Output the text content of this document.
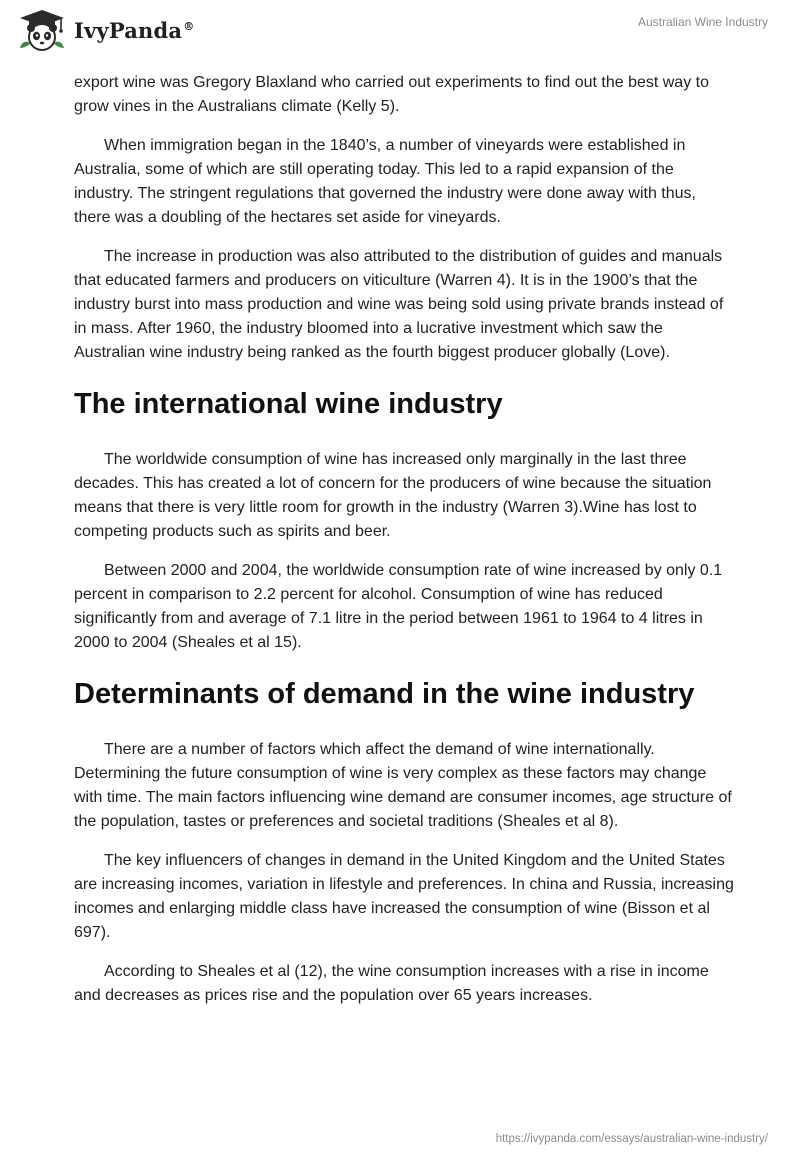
IvyPanda®	Australian Wine Industry

export wine was Gregory Blaxland who carried out experiments to find out the best way to grow vines in the Australians climate (Kelly 5).

When immigration began in the 1840’s, a number of vineyards were established in Australia, some of which are still operating today. This led to a rapid expansion of the industry. The stringent regulations that governed the industry were done away with thus, there was a doubling of the hectares set aside for vineyards.

The increase in production was also attributed to the distribution of guides and manuals that educated farmers and producers on viticulture (Warren 4). It is in the 1900’s that the industry burst into mass production and wine was being sold using private brands instead of in mass. After 1960, the industry bloomed into a lucrative investment which saw the Australian wine industry being ranked as the fourth biggest producer globally (Love).

The international wine industry

The worldwide consumption of wine has increased only marginally in the last three decades. This has created a lot of concern for the producers of wine because the situation means that there is very little room for growth in the industry (Warren 3).Wine has lost to competing products such as spirits and beer.

Between 2000 and 2004, the worldwide consumption rate of wine increased by only 0.1 percent in comparison to 2.2 percent for alcohol. Consumption of wine has reduced significantly from and average of 7.1 litre in the period between 1961 to 1964 to 4 litres in 2000 to 2004 (Sheales et al 15).

Determinants of demand in the wine industry

There are a number of factors which affect the demand of wine internationally. Determining the future consumption of wine is very complex as these factors may change with time. The main factors influencing wine demand are consumer incomes, age structure of the population, tastes or preferences and societal traditions (Sheales et al 8).

The key influencers of changes in demand in the United Kingdom and the United States are increasing incomes, variation in lifestyle and preferences. In china and Russia, increasing incomes and enlarging middle class have increased the consumption of wine (Bisson et al 697).

According to Sheales et al (12), the wine consumption increases with a rise in income and decreases as prices rise and the population over 65 years increases.

https://ivypanda.com/essays/australian-wine-industry/
